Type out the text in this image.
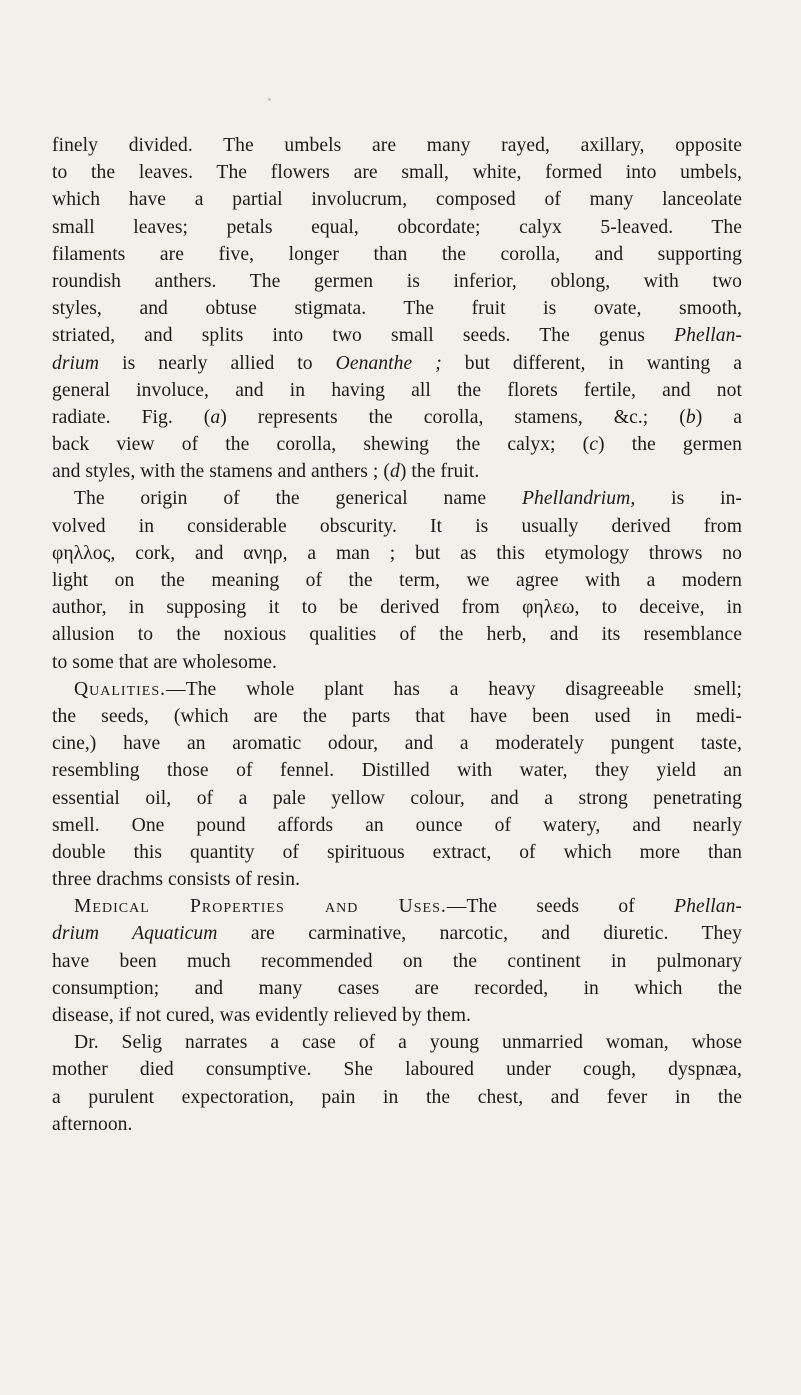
finely divided. The umbels are many rayed, axillary, opposite
to the leaves. The flowers are small, white, formed into umbels,
which have a partial involucrum, composed of many lanceolate
small leaves; petals equal, obcordate; calyx 5-leaved. The
filaments are five, longer than the corolla, and supporting
roundish anthers. The germen is inferior, oblong, with two
styles, and obtuse stigmata. The fruit is ovate, smooth,
striated, and splits into two small seeds. The genus Phellan-
drium is nearly allied to Oenanthe ; but different, in wanting a
general involuce, and in having all the florets fertile, and not
radiate. Fig. (a) represents the corolla, stamens, &c.; (b) a
back view of the corolla, shewing the calyx; (c) the germen
and styles, with the stamens and anthers ; (d) the fruit.
The origin of the generical name Phellandrium, is in-
volved in considerable obscurity. It is usually derived from
φηλλος, cork, and ανηρ, a man ; but as this etymology throws no
light on the meaning of the term, we agree with a modern
author, in supposing it to be derived from φηλεω, to deceive, in
allusion to the noxious qualities of the herb, and its resemblance
to some that are wholesome.
Qualities.—The whole plant has a heavy disagreeable smell;
the seeds, (which are the parts that have been used in medi-
cine,) have an aromatic odour, and a moderately pungent taste,
resembling those of fennel. Distilled with water, they yield an
essential oil, of a pale yellow colour, and a strong penetrating
smell. One pound affords an ounce of watery, and nearly
double this quantity of spirituous extract, of which more than
three drachms consists of resin.
Medical Properties and Uses.—The seeds of Phellan-
drium Aquaticum are carminative, narcotic, and diuretic. They
have been much recommended on the continent in pulmonary
consumption; and many cases are recorded, in which the
disease, if not cured, was evidently relieved by them.
Dr. Selig narrates a case of a young unmarried woman, whose
mother died consumptive. She laboured under cough, dyspnæa,
a purulent expectoration, pain in the chest, and fever in the
afternoon.
